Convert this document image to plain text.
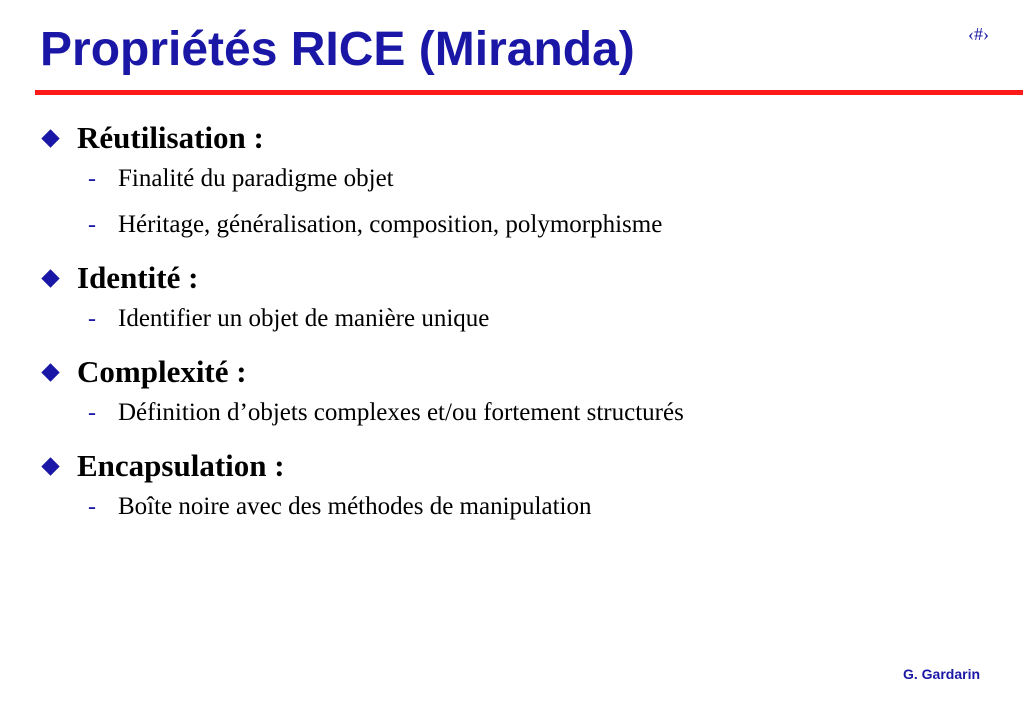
Propriétés RICE (Miranda)	‹#›
Réutilisation :
- Finalité du paradigme objet
- Héritage, généralisation, composition, polymorphisme
Identité :
- Identifier un objet de manière unique
Complexité :
- Définition d’objets complexes et/ou fortement structurés
Encapsulation :
- Boîte noire avec des méthodes de manipulation
G. Gardarin
